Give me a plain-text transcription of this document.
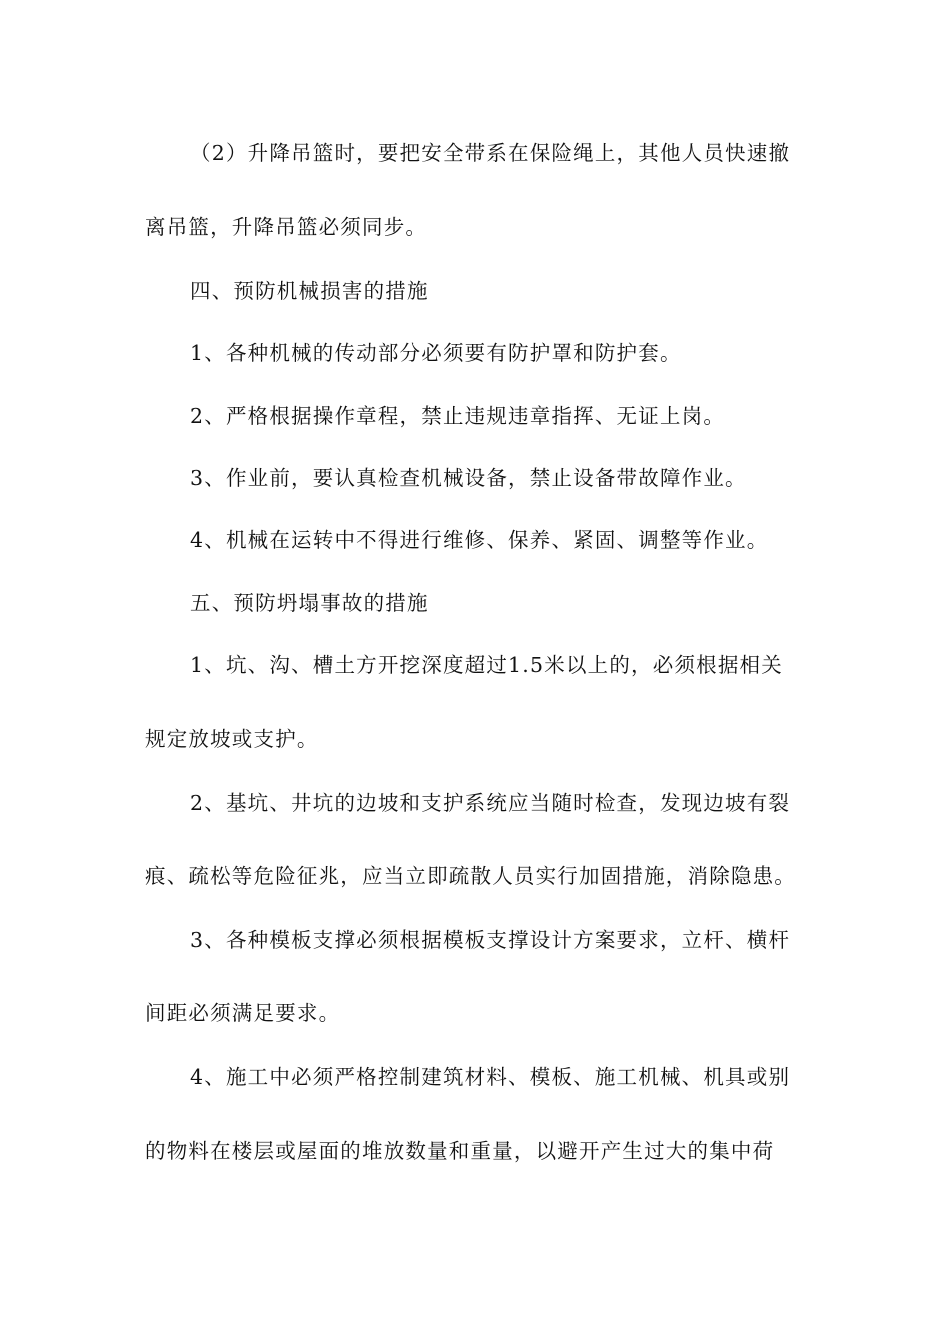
（2）升降吊篮时，要把安全带系在保险绳上，其他人员快速撤
离吊篮，升降吊篮必须同步。
四、预防机械损害的措施
1、各种机械的传动部分必须要有防护罩和防护套。
2、严格根据操作章程，禁止违规违章指挥、无证上岗。
3、作业前，要认真检查机械设备，禁止设备带故障作业。
4、机械在运转中不得进行维修、保养、紧固、调整等作业。
五、预防坍塌事故的措施
1、坑、沟、槽土方开挖深度超过1.5米以上的，必须根据相关
规定放坡或支护。
2、基坑、井坑的边坡和支护系统应当随时检查，发现边坡有裂
痕、疏松等危险征兆，应当立即疏散人员实行加固措施，消除隐患。
3、各种模板支撑必须根据模板支撑设计方案要求，立杆、横杆
间距必须满足要求。
4、施工中必须严格控制建筑材料、模板、施工机械、机具或别
的物料在楼层或屋面的堆放数量和重量，以避开产生过大的集中荷
